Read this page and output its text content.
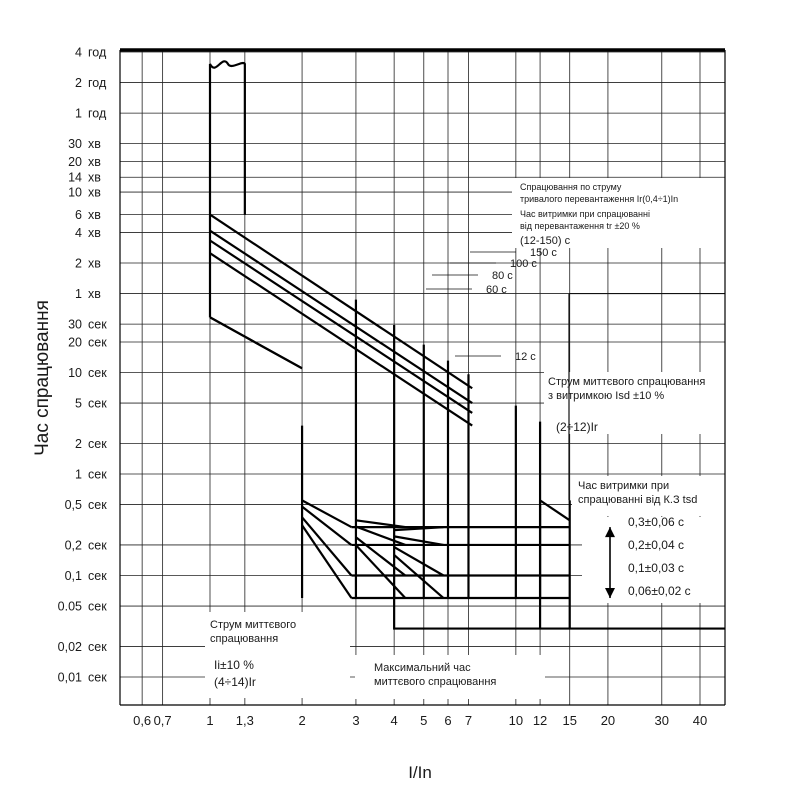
150 c
100 c
80 c
60 c
12 c
0,6 0,7	1 1,3	2	3 4 5 6 7	10 12 15 20	30 40
4 год
2 год
1 год
30 хв
20 хв
14 хв
10 хв
6 хв
4 хв
2 хв
1 хв
30 сек
20 сек
10 сек
5 сек
2 сек
1 сек
0,5 сек
0,2 сек
0,1 сек
0.05 сек
0,02 сек
0,01 сек
Час спрацювання
I/In
Спрацювання по струму
тривалого перевантаження Ir(0,4÷1)In
Час витримки при спрацюванні
від перевантаження tr ±20 %
(12-150) c
Струм миттєвого спрацювання
з витримкою Isd ±10 %
(2÷12)Ir
Час витримки при
спрацюванні від К.З tsd
0,3±0,06 c
0,2±0,04 c
0,1±0,03 c
0,06±0,02 c
Струм миттєвого
спрацювання
Ii±10 %
(4÷14)Ir
Максимальний час
миттєвого спрацювання
